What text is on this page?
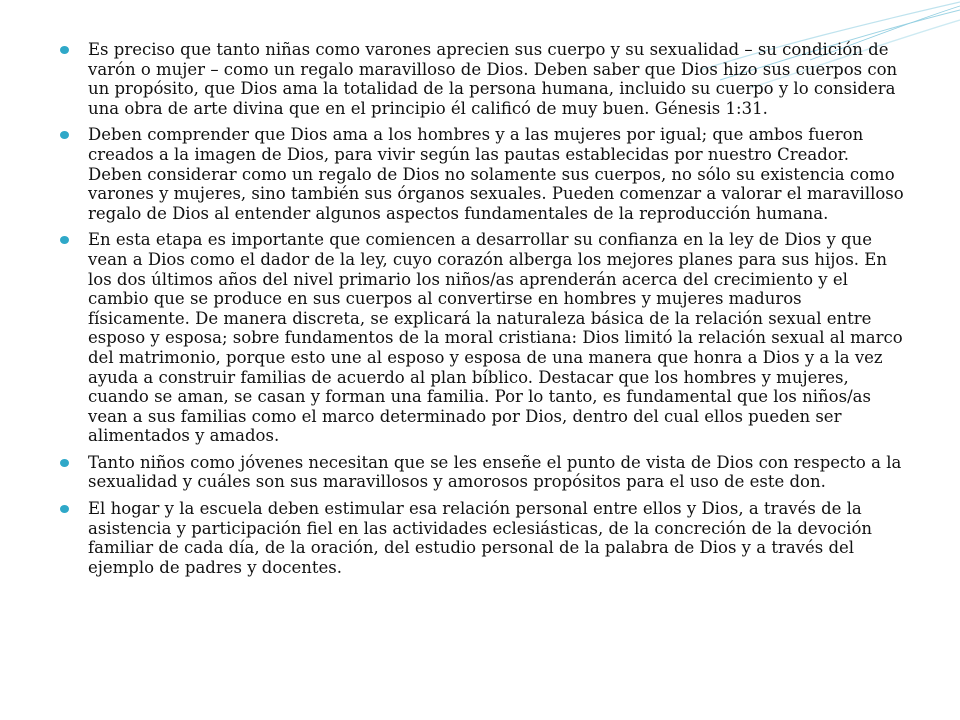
Es preciso que tanto niñas como varones aprecien sus cuerpo y su sexualidad – su condición de varón o mujer – como un regalo maravilloso de Dios. Deben saber que Dios hizo sus cuerpos con un propósito, que Dios ama la totalidad de la persona humana, incluido su cuerpo y lo considera una obra de arte divina que en el principio él calificó de muy buen. Génesis 1:31.
Deben comprender que Dios ama a los hombres y a las mujeres por igual; que ambos fueron creados a la imagen de Dios, para vivir según las pautas establecidas por nuestro Creador. Deben considerar como un regalo de Dios no solamente sus cuerpos, no sólo su existencia como varones y mujeres, sino también sus órganos sexuales. Pueden comenzar a valorar el maravilloso regalo de Dios al entender algunos aspectos fundamentales de la reproducción humana.
En esta etapa es importante que comiencen a desarrollar su confianza en la ley de Dios y que vean a Dios como el dador de la ley, cuyo corazón alberga los mejores planes para sus hijos. En los dos últimos años del nivel primario los niños/as aprenderán acerca del crecimiento y el cambio que se produce en sus cuerpos al convertirse en hombres y mujeres maduros físicamente. De manera discreta, se explicará la naturaleza básica de la relación sexual entre esposo y esposa; sobre fundamentos de la moral cristiana: Dios limitó la relación sexual al marco del matrimonio, porque esto une al esposo y esposa de una manera que honra a Dios y a la vez ayuda a construir familias de acuerdo al plan bíblico. Destacar que los hombres y mujeres, cuando se aman, se casan y forman una familia. Por lo tanto, es fundamental que los niños/as vean a sus familias como el marco determinado por Dios, dentro del cual ellos pueden ser alimentados y amados.
Tanto niños como jóvenes necesitan que se les enseñe el punto de vista de Dios con respecto a la sexualidad y cuáles son sus maravillosos y amorosos propósitos para el uso de este don.
El hogar y la escuela deben estimular esa relación personal entre ellos y Dios, a través de la asistencia y participación fiel en las actividades eclesiásticas, de la concreción de la devoción familiar de cada día, de la oración, del estudio personal de la palabra de Dios y a través del ejemplo de padres y docentes.
